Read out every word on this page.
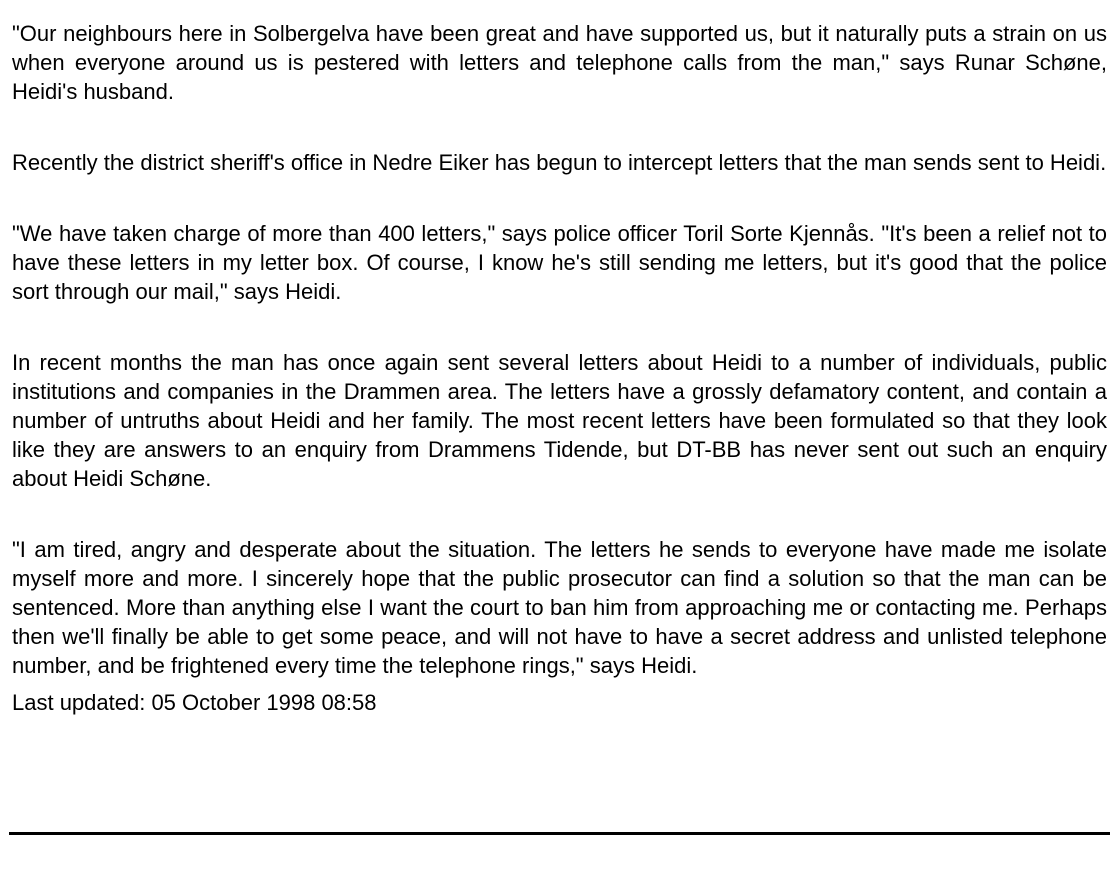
"Our neighbours here in Solbergelva have been great and have supported us, but it naturally puts a strain on us when everyone around us is pestered with letters and telephone calls from the man," says Runar Schøne, Heidi's husband.

Recently the district sheriff's office in Nedre Eiker has begun to intercept letters that the man sends sent to Heidi.

"We have taken charge of more than 400 letters," says police officer Toril Sorte Kjennås. "It's been a relief not to have these letters in my letter box. Of course, I know he's still sending me letters, but it's good that the police sort through our mail," says Heidi.

In recent months the man has once again sent several letters about Heidi to a number of individuals, public institutions and companies in the Drammen area. The letters have a grossly defamatory content, and contain a number of untruths about Heidi and her family. The most recent letters have been formulated so that they look like they are answers to an enquiry from Drammens Tidende, but DT-BB has never sent out such an enquiry about Heidi Schøne.

"I am tired, angry and desperate about the situation. The letters he sends to everyone have made me isolate myself more and more. I sincerely hope that the public prosecutor can find a solution so that the man can be sentenced. More than anything else I want the court to ban him from approaching me or contacting me. Perhaps then we'll finally be able to get some peace, and will not have to have a secret address and unlisted telephone number, and be frightened every time the telephone rings," says Heidi.

Last updated: 05 October 1998 08:58
